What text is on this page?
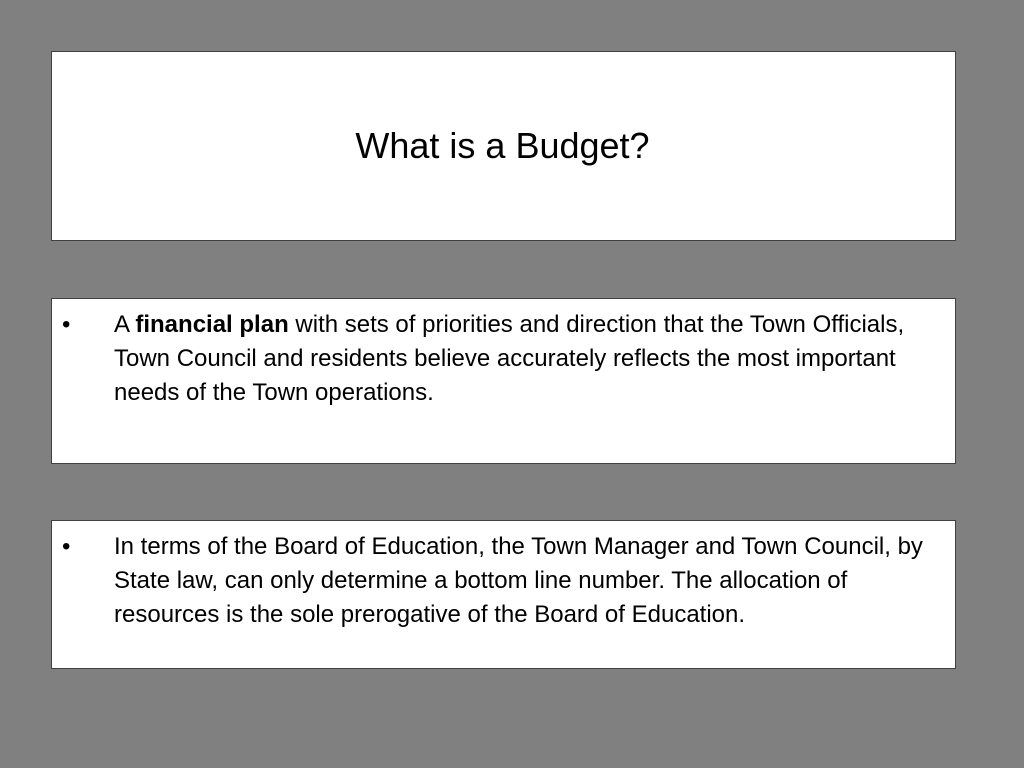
What is a Budget?
• A financial plan with sets of priorities and direction that the Town Officials, Town Council and residents believe accurately reflects the most important needs of the Town operations.
• In terms of the Board of Education, the Town Manager and Town Council, by State law, can only determine a bottom line number. The allocation of resources is the sole prerogative of the Board of Education.
